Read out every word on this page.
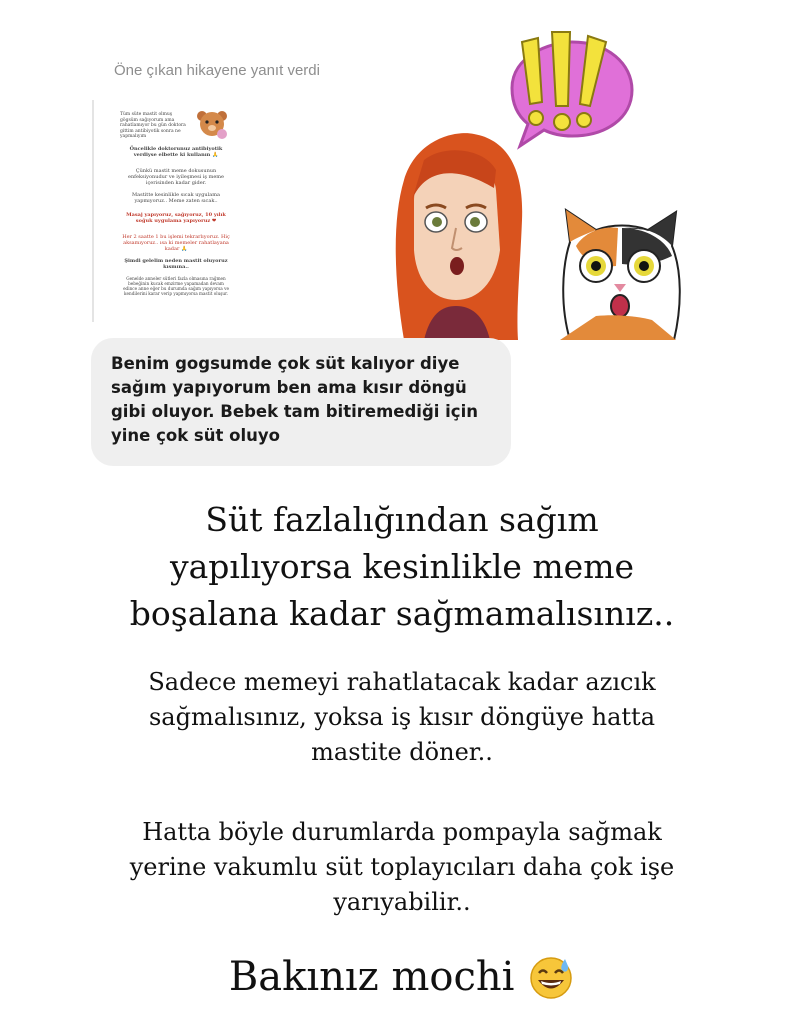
Öne çıkan hikayene yanıt verdi
Tüm süte mastit olmuş gögsüm sağıyorum ama rahatlamıyor bu gün doktora gittim antibiyotik sonra ne yapmalıyım
Öncelikle doktorunuz antibiyotik verdiyse elbette ki kullanın 🙏
Çünkü mastit meme dokusunun enfeksiyonudur ve iyileşmesi iş meme içerisinden kadar gider.
Mastitte kesinlikle sıcak uygulama yapmıyoruz.. Meme zaten sıcak..
Masaj yapıyoruz, sağıyoruz, 10 yılık soğuk uygulama yapıyoruz ❤
Her 2 saatte 1 bu işlemi tekrarlıyoruz. Hiç aksamıyoruz.. ısa ki memeler rahatlayana kadar 🙏
Şimdi gelelim neden mastit oluyoruz kısmına..
Genelde anneler sütleri fazla olmasına rağmen bebeğinin kucak emzirme yapamadan devam edince anne eğer bu durumda sağım yapıyorsa ve kendilerini karar verip yapmıyorsa mastit oluşur.
Benim gogsumde çok süt kalıyor diye sağım yapıyorum ben ama kısır döngü gibi oluyor. Bebek tam bitiremediği için yine çok süt oluyo
Süt fazlalığından sağım yapılıyorsa kesinlikle meme boşalana kadar sağmamalısınız..
Sadece memeyi rahatlatacak kadar azıcık sağmalısınız, yoksa iş kısır döngüye hatta mastite döner..
Hatta böyle durumlarda pompayla sağmak yerine vakumlu süt toplayıcıları daha çok işe yarıyabilir..
Bakınız mochi
